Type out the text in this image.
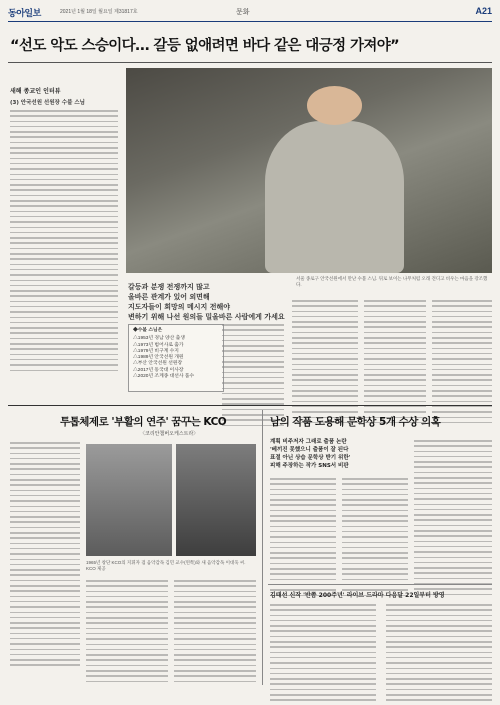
동아일보	2021년 1월 18일 월요일 제31817호	문화	A21
“선도 악도 스승이다… 갈등 없애려면 바다 같은 대긍정 가져야”
새해 종교인 인터뷰
(3) 안국선원 선원장 수불 스님
서울 종로구 안국선원에서 만난 수불 스님. 뒤로 보이는 나무처럼 오래 견디고 비우는 마음을 강조했다.
갈등과 분쟁 전쟁까지 많고
올바른 관계가 있어 외면해
지도자들이 희망의 메시지 전해야
변하기 위해 나선 원의들 밀올바른 사람에게 가세요
◆수불 스님은
△1953년 경남 양산 출생
△1973년 범어사로 출가
△1979년 비구계 수지
△1989년 안국선원 개원
△부산 안국선원 선원장
△2017년 동국대 이사장
△2020년 조계종 대선사 품수
투톱체제로 '부활의 연주' 꿈꾸는 KCO
〈코리안챔버오케스트라〉
1965년 창단 KCO의 지휘자 겸 음악감독 김민 교수(왼쪽)와 새 음악감독 이대욱 씨. KCO 제공
남의 작품 도용해 문학상 5개 수상 의혹
계획 비주저자 그래로 출품 논란
'베끼진 못했으니 출품이 잘 된다
표절 아닌 상습 문학상 받기 위한'
피해 주장하는 작가 SNS서 비판
김태선 신작 '반쯤 200주년' 라이브 드라마 다음달 22일부터 방영
